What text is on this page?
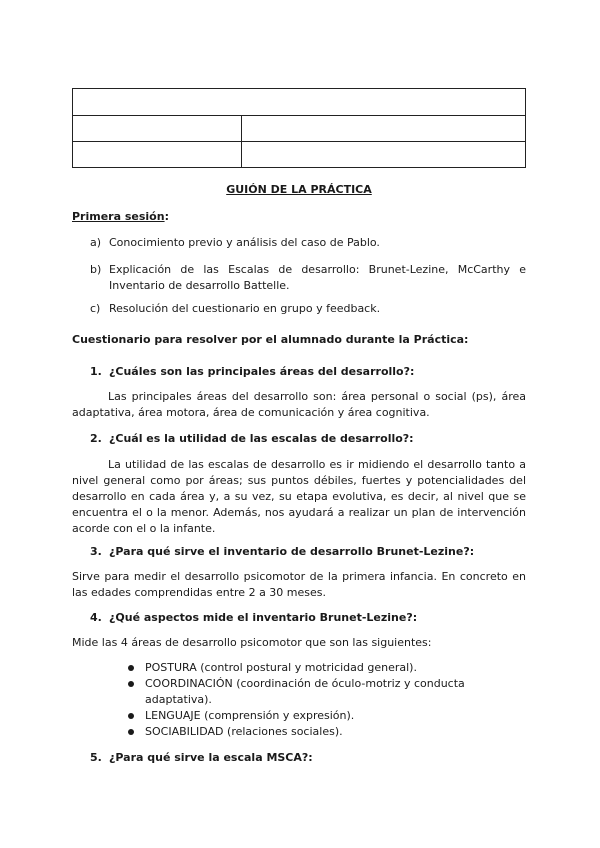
GUIÓN DE LA PRÁCTICA
Primera sesión:
a) Conocimiento previo y análisis del caso de Pablo.
b) Explicación de las Escalas de desarrollo: Brunet-Lezine, McCarthy e Inventario de desarrollo Battelle.
c) Resolución del cuestionario en grupo y feedback.
Cuestionario para resolver por el alumnado durante la Práctica:
1. ¿Cuáles son las principales áreas del desarrollo?:
Las principales áreas del desarrollo son: área personal o social (ps), área adaptativa, área motora, área de comunicación y área cognitiva.
2. ¿Cuál es la utilidad de las escalas de desarrollo?:
La utilidad de las escalas de desarrollo es ir midiendo el desarrollo tanto a nivel general como por áreas; sus puntos débiles, fuertes y potencialidades del desarrollo en cada área y, a su vez, su etapa evolutiva, es decir, al nivel que se encuentra el o la menor. Además, nos ayudará a realizar un plan de intervención acorde con el o la infante.
3. ¿Para qué sirve el inventario de desarrollo Brunet-Lezine?:
Sirve para medir el desarrollo psicomotor de la primera infancia. En concreto en las edades comprendidas entre 2 a 30 meses.
4. ¿Qué aspectos mide el inventario Brunet-Lezine?:
Mide las 4 áreas de desarrollo psicomotor que son las siguientes:
POSTURA (control postural y motricidad general).
COORDINACIÓN (coordinación de óculo-motriz y conducta adaptativa).
LENGUAJE (comprensión y expresión).
SOCIABILIDAD (relaciones sociales).
5. ¿Para qué sirve la escala MSCA?:
